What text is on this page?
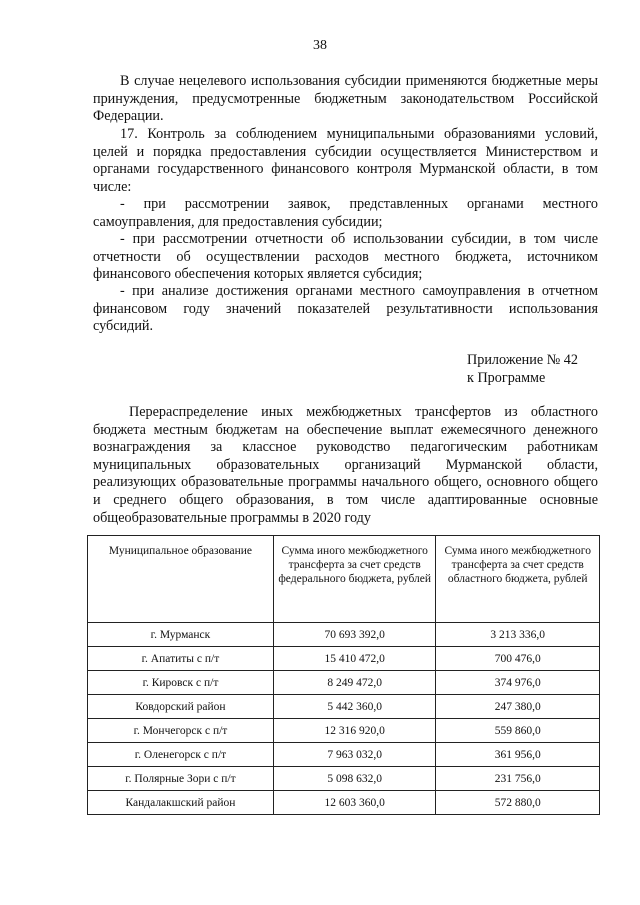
38

В случае нецелевого использования субсидии применяются бюджетные меры принуждения, предусмотренные бюджетным законодательством Российской Федерации.

17. Контроль за соблюдением муниципальными образованиями условий, целей и порядка предоставления субсидии осуществляется Министерством и органами государственного финансового контроля Мурманской области, в том числе:

- при рассмотрении заявок, представленных органами местного самоуправления, для предоставления субсидии;

- при рассмотрении отчетности об использовании субсидии, в том числе отчетности об осуществлении расходов местного бюджета, источником финансового обеспечения которых является субсидия;

- при анализе достижения органами местного самоуправления в отчетном финансовом году значений показателей результативности использования субсидий.

Приложение № 42
к Программе

Перераспределение иных межбюджетных трансфертов из областного бюджета местным бюджетам на обеспечение выплат ежемесячного денежного вознаграждения за классное руководство педагогическим работникам муниципальных образовательных организаций Мурманской области, реализующих образовательные программы начального общего, основного общего и среднего общего образования, в том числе адаптированные основные общеобразовательные программы в 2020 году

Муниципальное образование	Сумма иного межбюджетного трансферта за счет средств федерального бюджета, рублей	Сумма иного межбюджетного трансферта за счет средств областного бюджета, рублей
г. Мурманск	70 693 392,0	3 213 336,0
г. Апатиты с п/т	15 410 472,0	700 476,0
г. Кировск с п/т	8 249 472,0	374 976,0
Ковдорский район	5 442 360,0	247 380,0
г. Мончегорск с п/т	12 316 920,0	559 860,0
г. Оленегорск с п/т	7 963 032,0	361 956,0
г. Полярные Зори с п/т	5 098 632,0	231 756,0
Кандалакшский район	12 603 360,0	572 880,0
